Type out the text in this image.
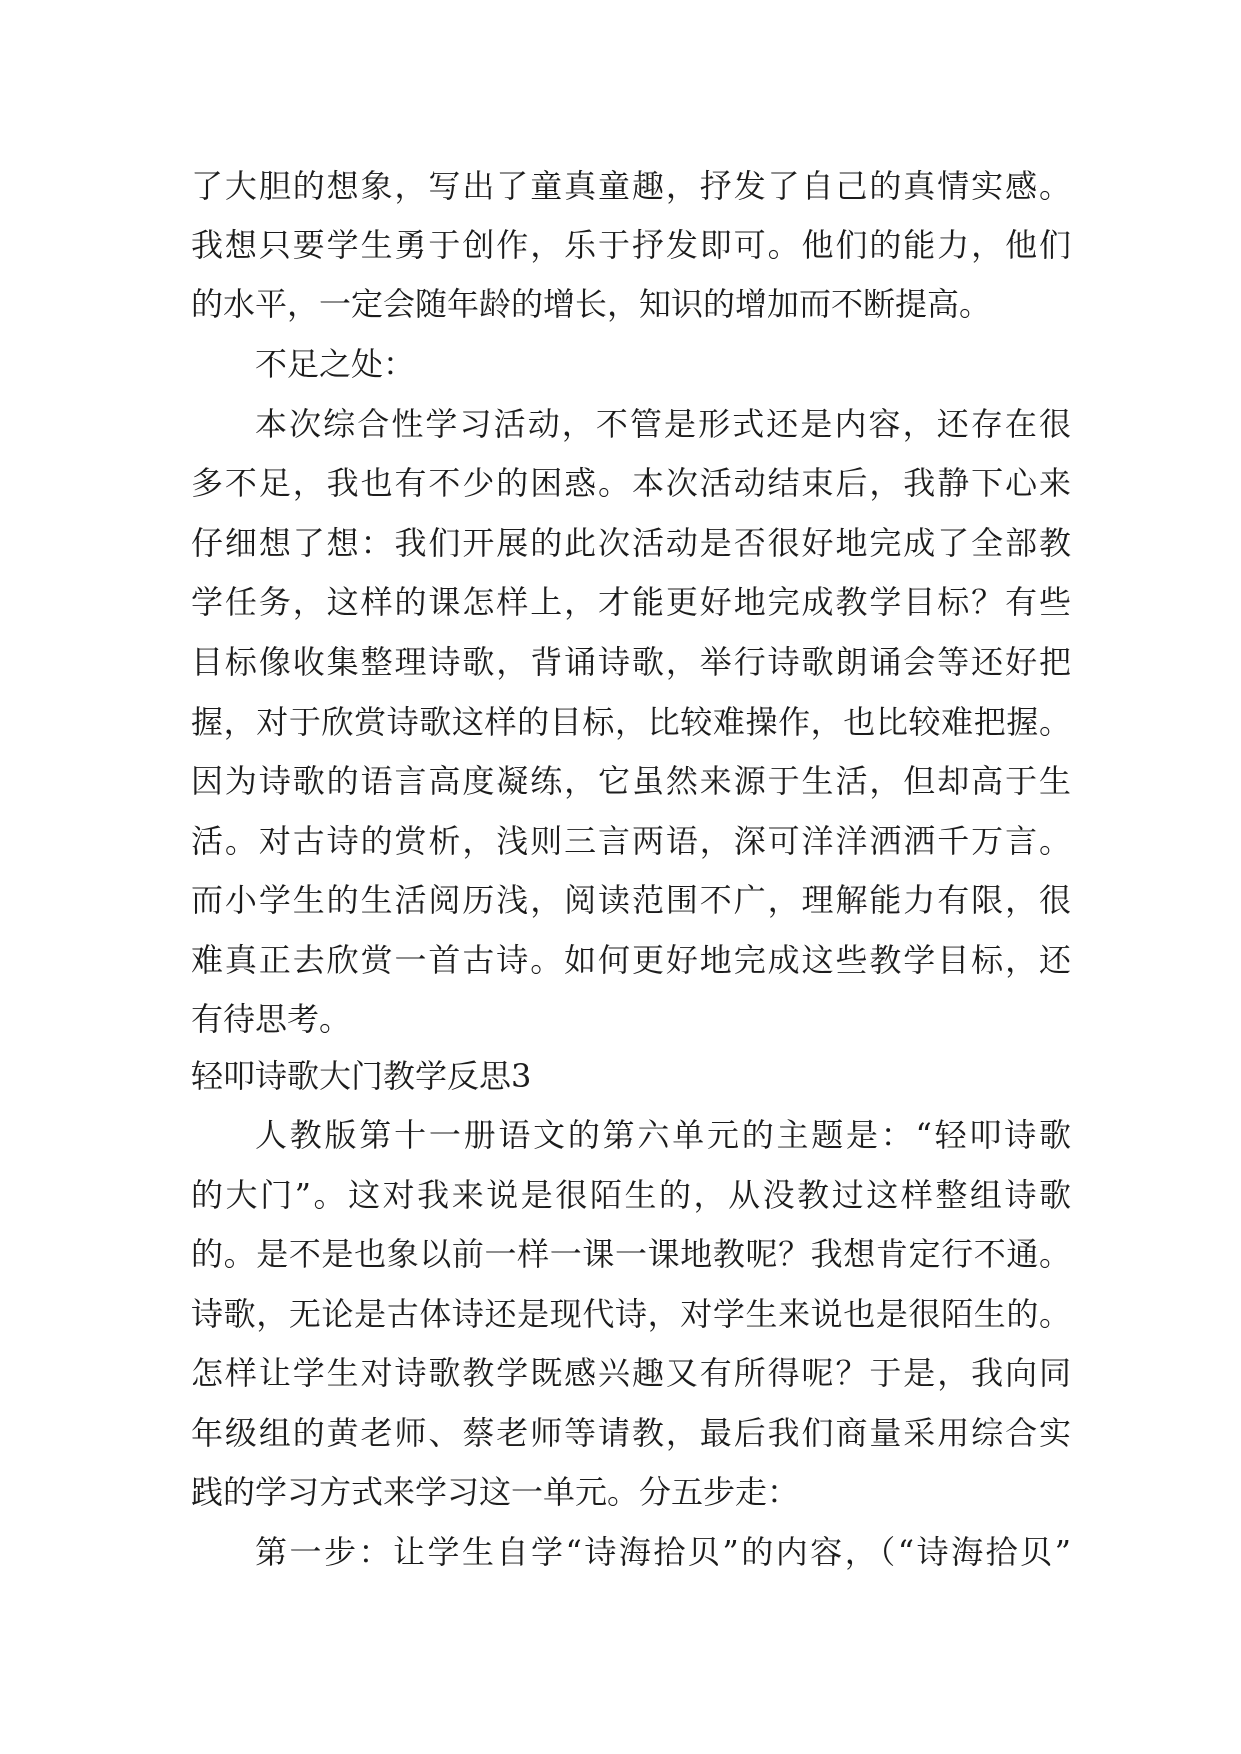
了大胆的想象，写出了童真童趣，抒发了自己的真情实感。
我想只要学生勇于创作，乐于抒发即可。他们的能力，他们
的水平，一定会随年龄的增长，知识的增加而不断提高。
不足之处：
本次综合性学习活动，不管是形式还是内容，还存在很
多不足，我也有不少的困惑。本次活动结束后，我静下心来
仔细想了想：我们开展的此次活动是否很好地完成了全部教
学任务，这样的课怎样上，才能更好地完成教学目标？有些
目标像收集整理诗歌，背诵诗歌，举行诗歌朗诵会等还好把
握，对于欣赏诗歌这样的目标，比较难操作，也比较难把握。
因为诗歌的语言高度凝练，它虽然来源于生活，但却高于生
活。对古诗的赏析，浅则三言两语，深可洋洋洒洒千万言。
而小学生的生活阅历浅，阅读范围不广，理解能力有限，很
难真正去欣赏一首古诗。如何更好地完成这些教学目标，还
有待思考。
轻叩诗歌大门教学反思3
人教版第十一册语文的第六单元的主题是：“轻叩诗歌
的大门”。这对我来说是很陌生的，从没教过这样整组诗歌
的。是不是也象以前一样一课一课地教呢？我想肯定行不通。
诗歌，无论是古体诗还是现代诗，对学生来说也是很陌生的。
怎样让学生对诗歌教学既感兴趣又有所得呢？于是，我向同
年级组的黄老师、蔡老师等请教，最后我们商量采用综合实
践的学习方式来学习这一单元。分五步走：
第一步：让学生自学“诗海拾贝”的内容，（“诗海拾贝”
